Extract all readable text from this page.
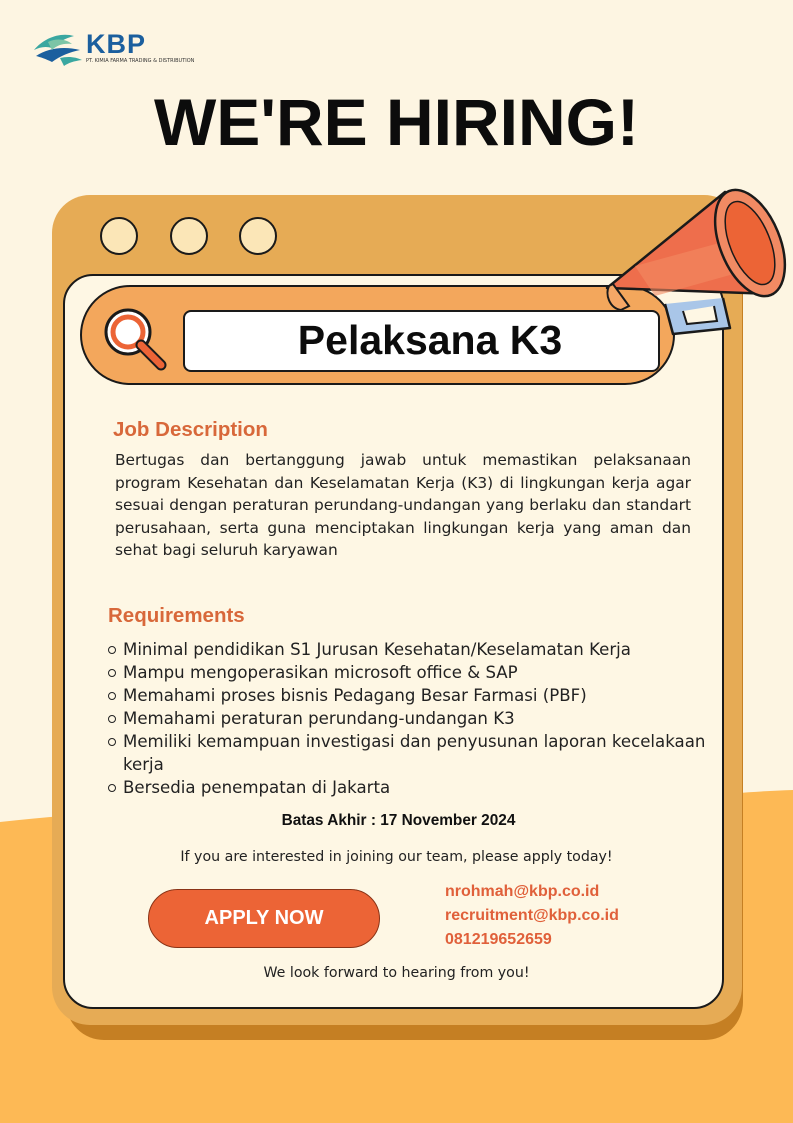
KBP
PT. KIMIA FARMA TRADING & DISTRIBUTION
WE'RE HIRING!
Pelaksana K3
Job Description
Bertugas dan bertanggung jawab untuk memastikan pelaksanaan program Kesehatan dan Keselamatan Kerja (K3) di lingkungan kerja agar sesuai dengan peraturan perundang-undangan yang berlaku dan standart perusahaan, serta guna menciptakan lingkungan kerja yang aman dan sehat bagi seluruh karyawan
Requirements
Minimal pendidikan S1 Jurusan Kesehatan/Keselamatan Kerja
Mampu mengoperasikan microsoft office & SAP
Memahami proses bisnis Pedagang Besar Farmasi (PBF)
Memahami peraturan perundang-undangan K3
Memiliki kemampuan investigasi dan penyusunan laporan kecelakaan kerja
Bersedia penempatan di Jakarta
Batas Akhir : 17 November 2024
If you are interested in joining our team, please apply today!
APPLY NOW
nrohmah@kbp.co.id
recruitment@kbp.co.id
081219652659
We look forward to hearing from you!
